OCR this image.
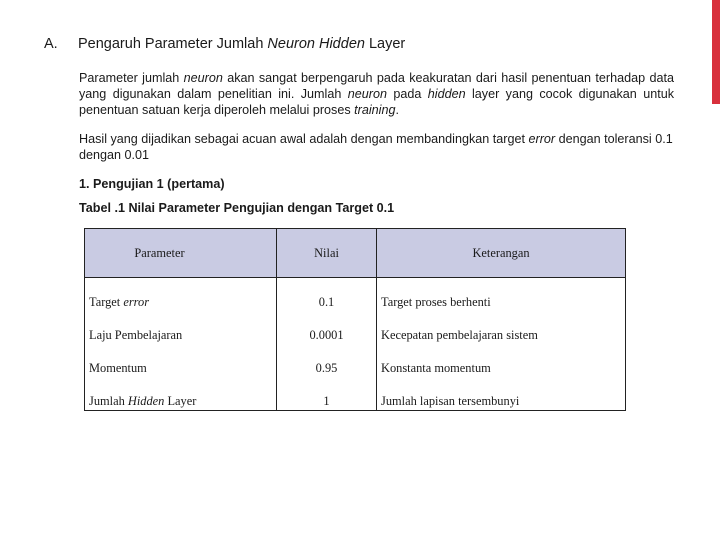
A. Pengaruh Parameter Jumlah Neuron Hidden Layer

Parameter jumlah neuron akan sangat berpengaruh pada keakuratan dari hasil penentuan terhadap data yang digunakan dalam penelitian ini. Jumlah neuron pada hidden layer yang cocok digunakan untuk penentuan satuan kerja diperoleh melalui proses training.

Hasil yang dijadikan sebagai acuan awal adalah dengan membandingkan target error dengan toleransi 0.1 dengan 0.01

1. Pengujian 1 (pertama)
Tabel .1 Nilai Parameter Pengujian dengan Target 0.1
Parameter	Nilai	Keterangan
Target error	0.1	Target proses berhenti
Laju Pembelajaran	0.0001	Kecepatan pembelajaran sistem
Momentum	0.95	Konstanta momentum
Jumlah Hidden Layer	1	Jumlah lapisan tersembunyi
